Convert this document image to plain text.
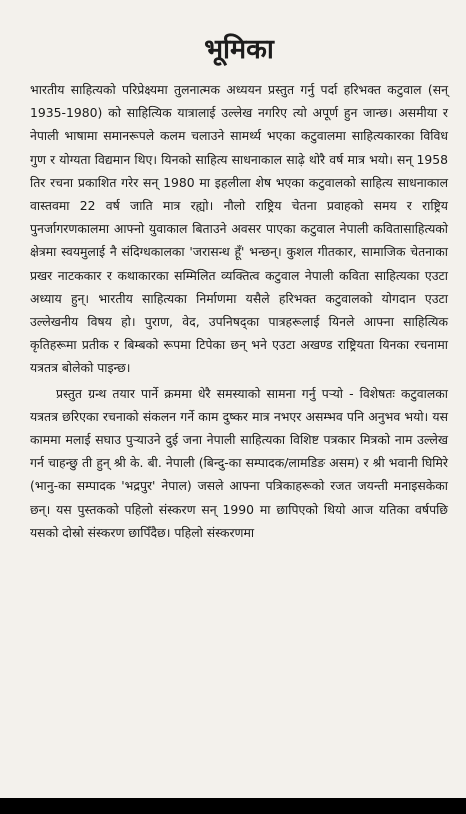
भूमिका

भारतीय साहित्यको परिप्रेक्ष्यमा तुलनात्मक अध्ययन प्रस्तुत गर्नु पर्दा हरिभक्त कटुवाल (सन् 1935-1980) को साहित्यिक यात्रालाई उल्लेख नगरिए त्यो अपूर्ण हुन जान्छ। असमीया र नेपाली भाषामा समानरूपले कलम चलाउने सामर्थ्य भएका कटुवालमा साहित्यकारका विविध गुण र योग्यता विद्यमान थिए। यिनको साहित्य साधनाकाल साढ़े थोरै वर्ष मात्र भयो। सन् 1958 तिर रचना प्रकाशित गरेर सन् 1980 मा इहलीला शेष भएका कटुवालको साहित्य साधनाकाल वास्तवमा 22 वर्ष जाति मात्र रह्यो। नौलो राष्ट्रिय चेतना प्रवाहको समय र राष्ट्रिय पुनर्जागरणकालमा आफ्नो युवाकाल बिताउने अवसर पाएका कटुवाल नेपाली कवितासाहित्यको क्षेत्रमा स्वयमुलाई नै संदिग्धकालका 'जरासन्ध हूँ' भन्छन्। कुशल गीतकार, सामाजिक चेतनाका प्रखर नाटककार र कथाकारका सम्मिलित व्यक्तित्व कटुवाल नेपाली कविता साहित्यका एउटा अध्याय हुन्। भारतीय साहित्यका निर्माणमा यसैले हरिभक्त कटुवालको योगदान एउटा उल्लेखनीय विषय हो। पुराण, वेद, उपनिषद्का पात्रहरूलाई यिनले आफ्ना साहित्यिक कृतिहरूमा प्रतीक र बिम्बको रूपमा टिपेका छन् भने एउटा अखण्ड राष्ट्रियता यिनका रचनामा यत्रतत्र बोलेको पाइन्छ।

प्रस्तुत ग्रन्थ तयार पार्ने क्रममा धेरै समस्याको सामना गर्नु पऱ्यो - विशेषतः कटुवालका यत्रतत्र छरिएका रचनाको संकलन गर्ने काम दुष्कर मात्र नभएर असम्भव पनि अनुभव भयो। यस काममा मलाई सघाउ पुऱ्याउने दुई जना नेपाली साहित्यका विशिष्ट पत्रकार मित्रको नाम उल्लेख गर्न चाहन्छु ती हुन् श्री के. बी. नेपाली (बिन्दु-का सम्पादक/लामडिङ असम) र श्री भवानी घिमिरे (भानु-का सम्पादक 'भद्रपुर' नेपाल) जसले आफ्ना पत्रिकाहरूको रजत जयन्ती मनाइसकेका छन्। यस पुस्तकको पहिलो संस्करण सन् 1990 मा छापिएको थियो आज यतिका वर्षपछि यसको दोस्रो संस्करण छापिँदैछ। पहिलो संस्करणमा
